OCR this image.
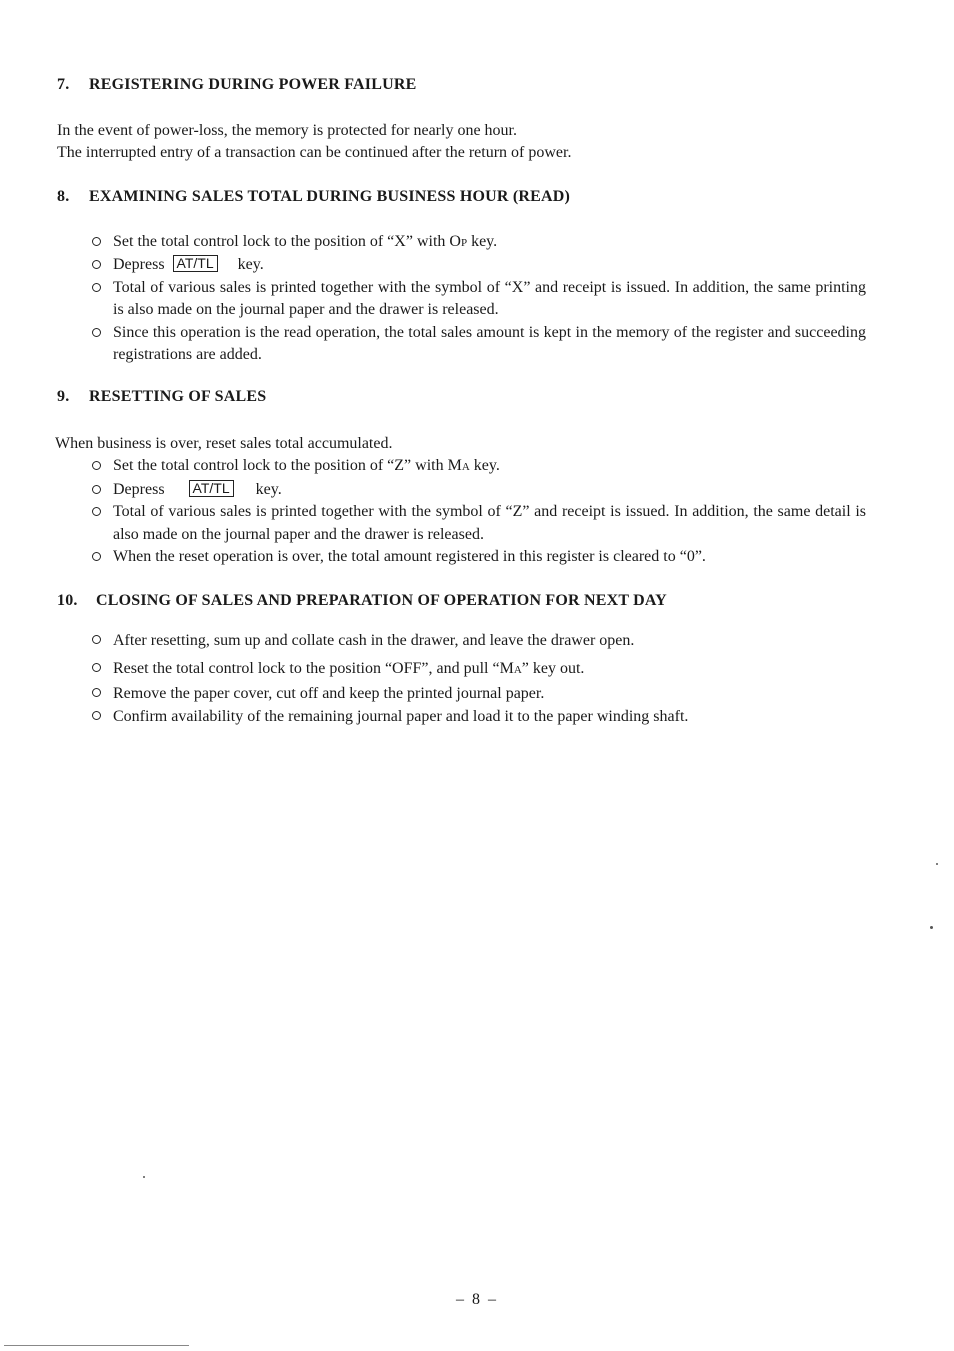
7.	REGISTERING DURING POWER FAILURE

In the event of power-loss, the memory is protected for nearly one hour.

The interrupted entry of a transaction can be continued after the return of power.

8.	EXAMINING SALES TOTAL DURING BUSINESS HOUR (READ)
Set the total control lock to the position of “X” with OP key.
Depress AT/TL key.
Total of various sales is printed together with the symbol of “X” and receipt is issued. In addition, the same printing is also made on the journal paper and the drawer is released.
Since this operation is the read operation, the total sales amount is kept in the memory of the register and succeeding registrations are added.
9.	RESETTING OF SALES

When business is over, reset sales total accumulated.

Set the total control lock to the position of “Z” with MA key.
Depress AT/TL key.
Total of various sales is printed together with the symbol of “Z” and receipt is issued. In addition, the same detail is also made on the journal paper and the drawer is released.
When the reset operation is over, the total amount registered in this register is cleared to “0”.
10.	CLOSING OF SALES AND PREPARATION OF OPERATION FOR NEXT DAY
After resetting, sum up and collate cash in the drawer, and leave the drawer open.
Reset the total control lock to the position “OFF”, and pull “MA” key out.
Remove the paper cover, cut off and keep the printed journal paper.
Confirm availability of the remaining journal paper and load it to the paper winding shaft.
– 8 –
